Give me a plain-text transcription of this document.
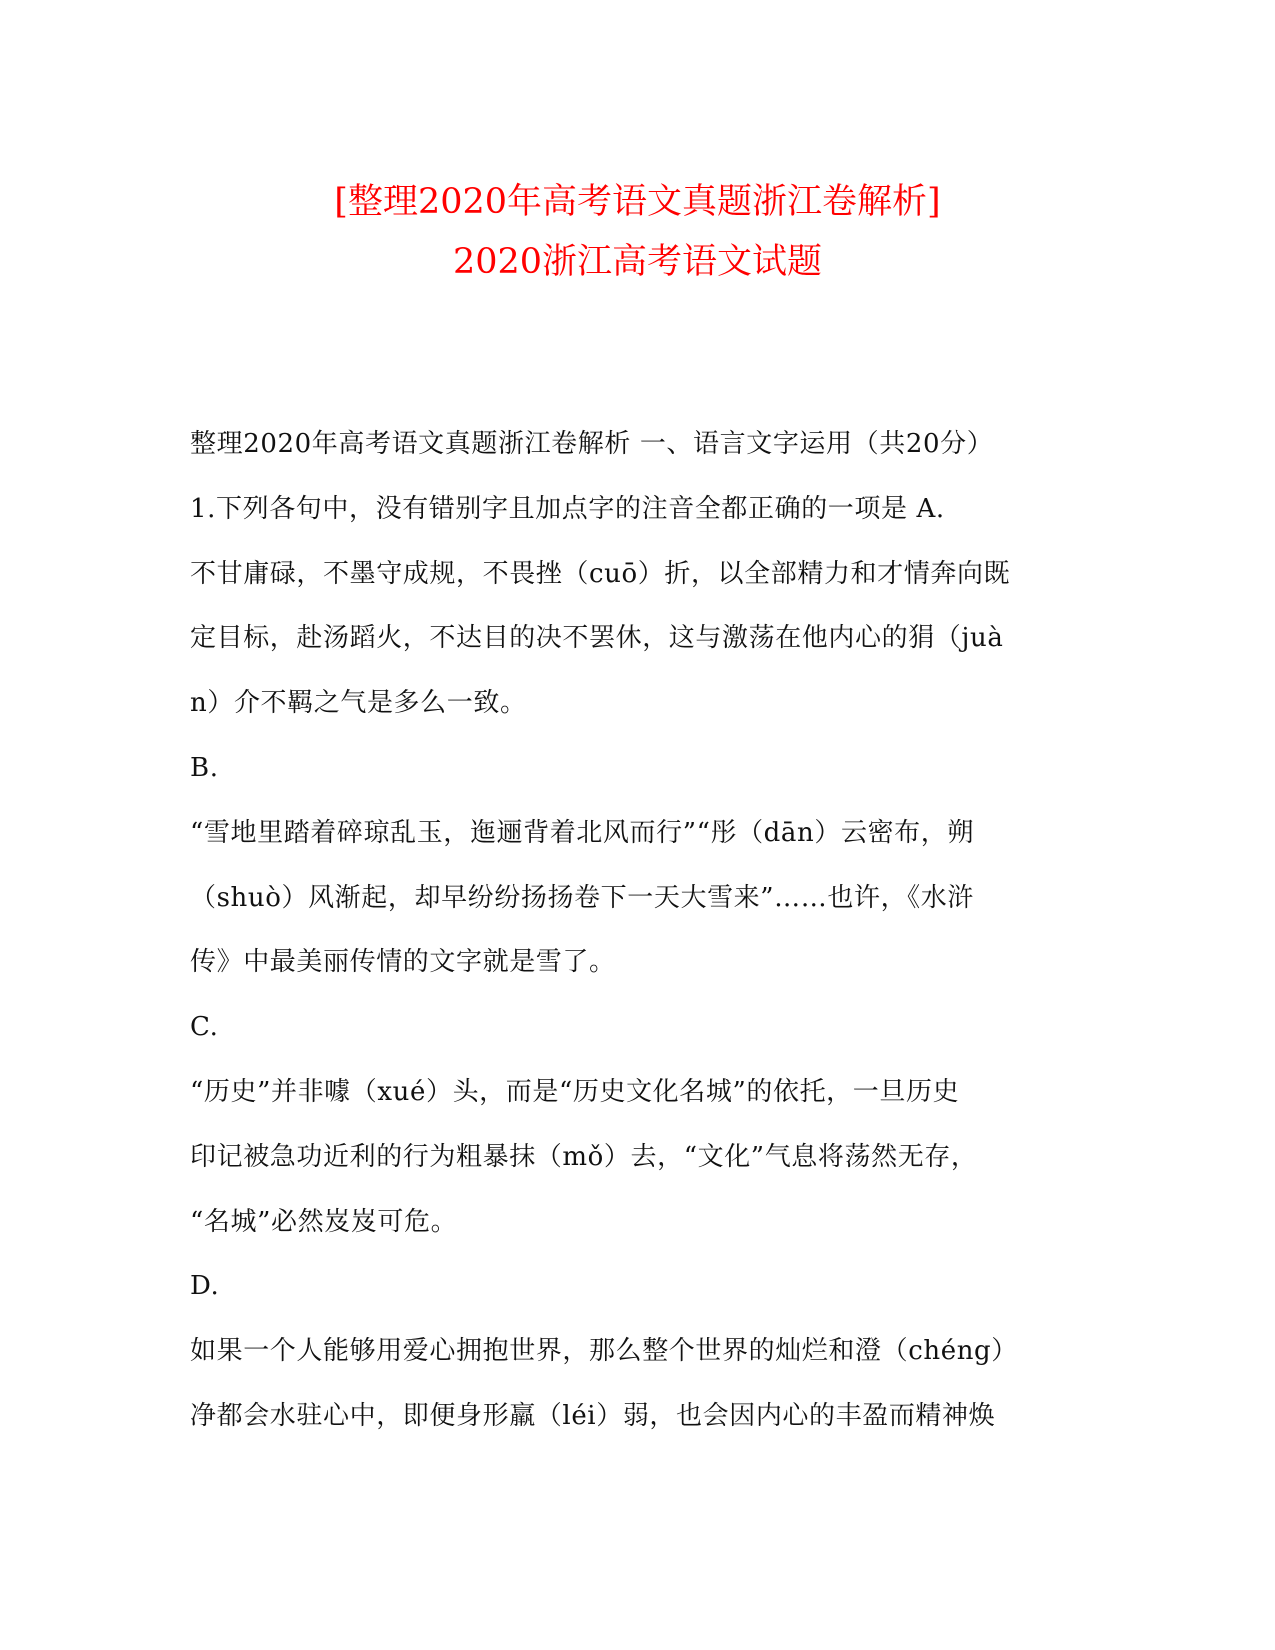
[整理2020年高考语文真题浙江卷解析]
2020浙江高考语文试题
整理2020年高考语文真题浙江卷解析 一、语言文字运用（共20分）
1.下列各句中，没有错别字且加点字的注音全都正确的一项是 A.
不甘庸碌，不墨守成规，不畏挫（cuō）折，以全部精力和才情奔向既
定目标，赴汤蹈火，不达目的决不罢休，这与激荡在他内心的狷（juà
n）介不羁之气是多么一致。
B.
“雪地里踏着碎琼乱玉，迤逦背着北风而行”“彤（dān）云密布，朔
（shuò）风渐起，却早纷纷扬扬卷下一天大雪来”……也许，《水浒
传》中最美丽传情的文字就是雪了。
C.
“历史”并非噱（xué）头，而是“历史文化名城”的依托，一旦历史
印记被急功近利的行为粗暴抹（mǒ）去，“文化”气息将荡然无存，
“名城”必然岌岌可危。
D.
如果一个人能够用爱心拥抱世界，那么整个世界的灿烂和澄（chéng）
净都会水驻心中，即便身形羸（léi）弱，也会因内心的丰盈而精神焕
